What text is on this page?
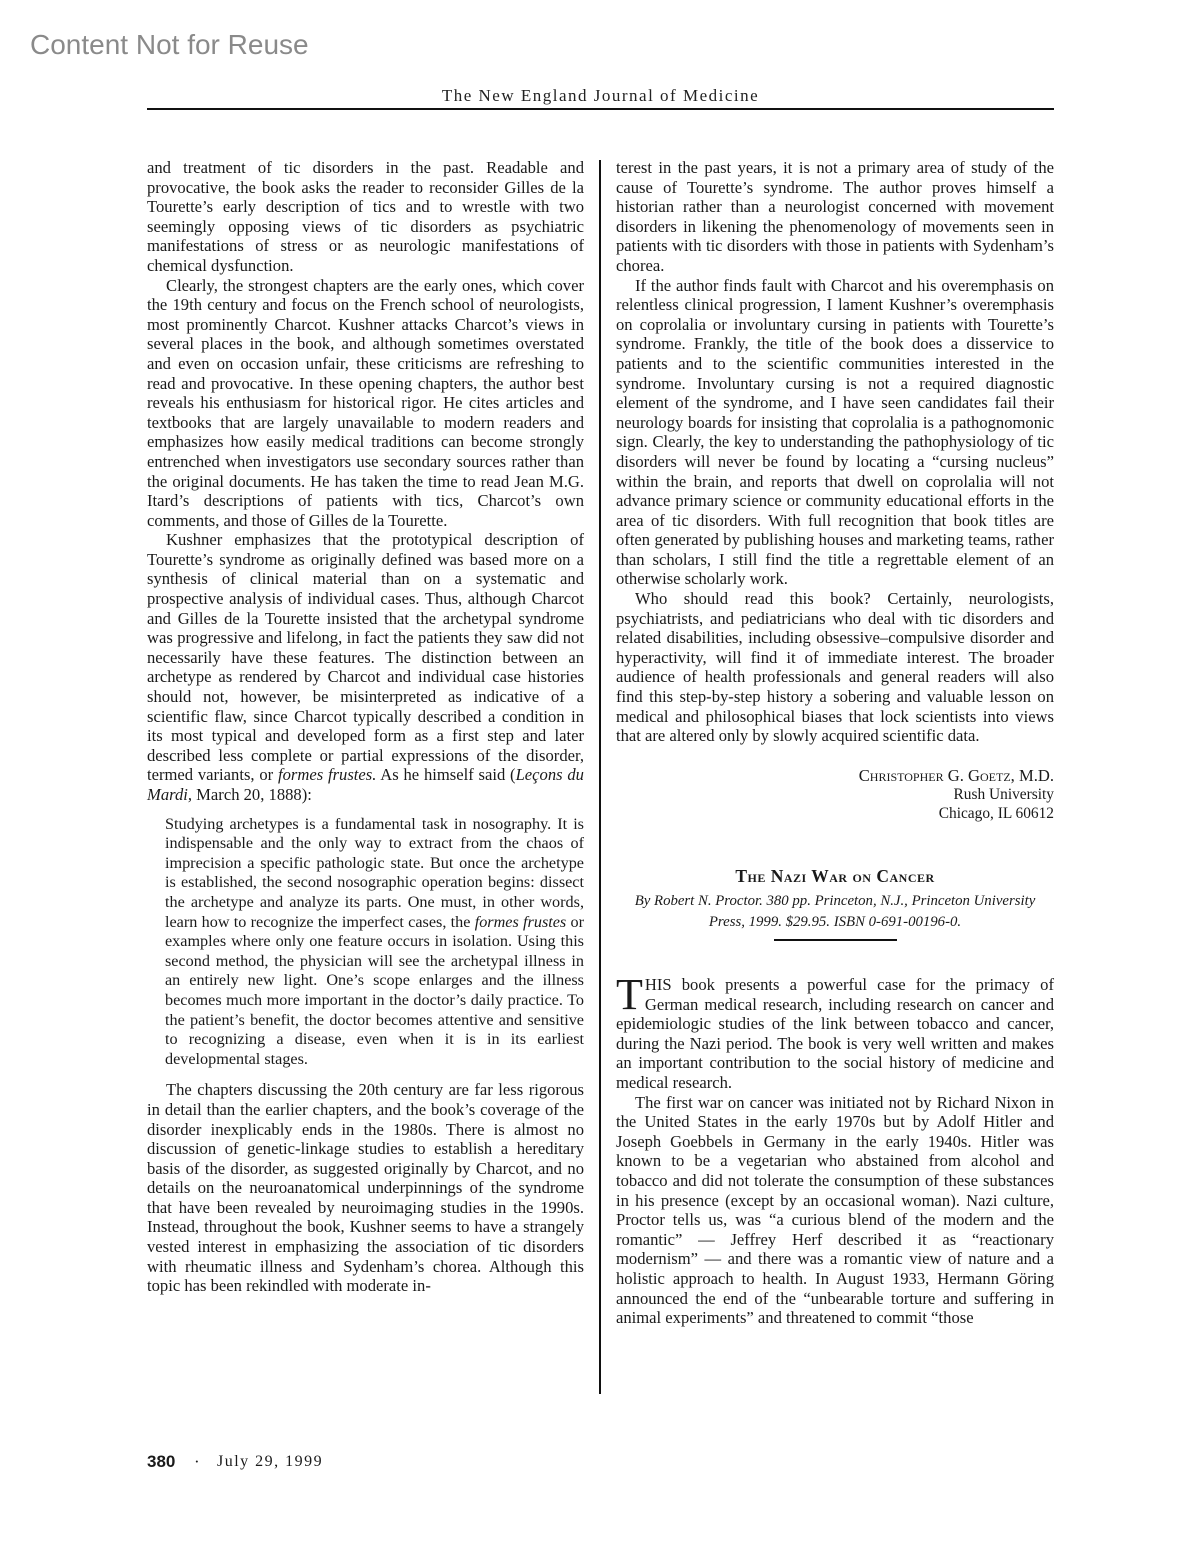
Content Not for Reuse
The New England Journal of Medicine

and treatment of tic disorders in the past. Readable and provocative, the book asks the reader to reconsider Gilles de la Tourette’s early description of tics and to wrestle with two seemingly opposing views of tic disorders as psychiatric manifestations of stress or as neurologic manifestations of chemical dysfunction.

Clearly, the strongest chapters are the early ones, which cover the 19th century and focus on the French school of neurologists, most prominently Charcot. Kushner attacks Charcot’s views in several places in the book, and although sometimes overstated and even on occasion unfair, these criticisms are refreshing to read and provocative. In these opening chapters, the author best reveals his enthusiasm for historical rigor. He cites articles and textbooks that are largely unavailable to modern readers and emphasizes how easily medical traditions can become strongly entrenched when investigators use secondary sources rather than the original documents. He has taken the time to read Jean M.G. Itard’s descriptions of patients with tics, Charcot’s own comments, and those of Gilles de la Tourette.

Kushner emphasizes that the prototypical description of Tourette’s syndrome as originally defined was based more on a synthesis of clinical material than on a systematic and prospective analysis of individual cases. Thus, although Charcot and Gilles de la Tourette insisted that the archetypal syndrome was progressive and lifelong, in fact the patients they saw did not necessarily have these features. The distinction between an archetype as rendered by Charcot and individual case histories should not, however, be misinterpreted as indicative of a scientific flaw, since Charcot typically described a condition in its most typical and developed form as a first step and later described less complete or partial expressions of the disorder, termed variants, or formes frustes. As he himself said (Leçons du Mardi, March 20, 1888):

Studying archetypes is a fundamental task in nosography. It is indispensable and the only way to extract from the chaos of imprecision a specific pathologic state. But once the archetype is established, the second nosographic operation begins: dissect the archetype and analyze its parts. One must, in other words, learn how to recognize the imperfect cases, the formes frustes or examples where only one feature occurs in isolation. Using this second method, the physician will see the archetypal illness in an entirely new light. One’s scope enlarges and the illness becomes much more important in the doctor’s daily practice. To the patient’s benefit, the doctor becomes attentive and sensitive to recognizing a disease, even when it is in its earliest developmental stages.

The chapters discussing the 20th century are far less rigorous in detail than the earlier chapters, and the book’s coverage of the disorder inexplicably ends in the 1980s. There is almost no discussion of genetic-linkage studies to establish a hereditary basis of the disorder, as suggested originally by Charcot, and no details on the neuroanatomical underpinnings of the syndrome that have been revealed by neuroimaging studies in the 1990s. Instead, throughout the book, Kushner seems to have a strangely vested interest in emphasizing the association of tic disorders with rheumatic illness and Sydenham’s chorea. Although this topic has been rekindled with moderate in-

terest in the past years, it is not a primary area of study of the cause of Tourette’s syndrome. The author proves himself a historian rather than a neurologist concerned with movement disorders in likening the phenomenology of movements seen in patients with tic disorders with those in patients with Sydenham’s chorea.

If the author finds fault with Charcot and his overemphasis on relentless clinical progression, I lament Kushner’s overemphasis on coprolalia or involuntary cursing in patients with Tourette’s syndrome. Frankly, the title of the book does a disservice to patients and to the scientific communities interested in the syndrome. Involuntary cursing is not a required diagnostic element of the syndrome, and I have seen candidates fail their neurology boards for insisting that coprolalia is a pathognomonic sign. Clearly, the key to understanding the pathophysiology of tic disorders will never be found by locating a “cursing nucleus” within the brain, and reports that dwell on coprolalia will not advance primary science or community educational efforts in the area of tic disorders. With full recognition that book titles are often generated by publishing houses and marketing teams, rather than scholars, I still find the title a regrettable element of an otherwise scholarly work.

Who should read this book? Certainly, neurologists, psychiatrists, and pediatricians who deal with tic disorders and related disabilities, including obsessive–compulsive disorder and hyperactivity, will find it of immediate interest. The broader audience of health professionals and general readers will also find this step-by-step history a sobering and valuable lesson on medical and philosophical biases that lock scientists into views that are altered only by slowly acquired scientific data.

Christopher G. Goetz, M.D.
Rush University
Chicago, IL 60612
The Nazi War on Cancer
By Robert N. Proctor. 380 pp. Princeton, N.J., Princeton University
Press, 1999. $29.95. ISBN 0-691-00196-0.

THIS book presents a powerful case for the primacy of German medical research, including research on cancer and epidemiologic studies of the link between tobacco and cancer, during the Nazi period. The book is very well written and makes an important contribution to the social history of medicine and medical research.

The first war on cancer was initiated not by Richard Nixon in the United States in the early 1970s but by Adolf Hitler and Joseph Goebbels in Germany in the early 1940s. Hitler was known to be a vegetarian who abstained from alcohol and tobacco and did not tolerate the consumption of these substances in his presence (except by an occasional woman). Nazi culture, Proctor tells us, was “a curious blend of the modern and the romantic” — Jeffrey Herf described it as “reactionary modernism” — and there was a romantic view of nature and a holistic approach to health. In August 1933, Hermann Göring announced the end of the “unbearable torture and suffering in animal experiments” and threatened to commit “those

380 · July 29, 1999
